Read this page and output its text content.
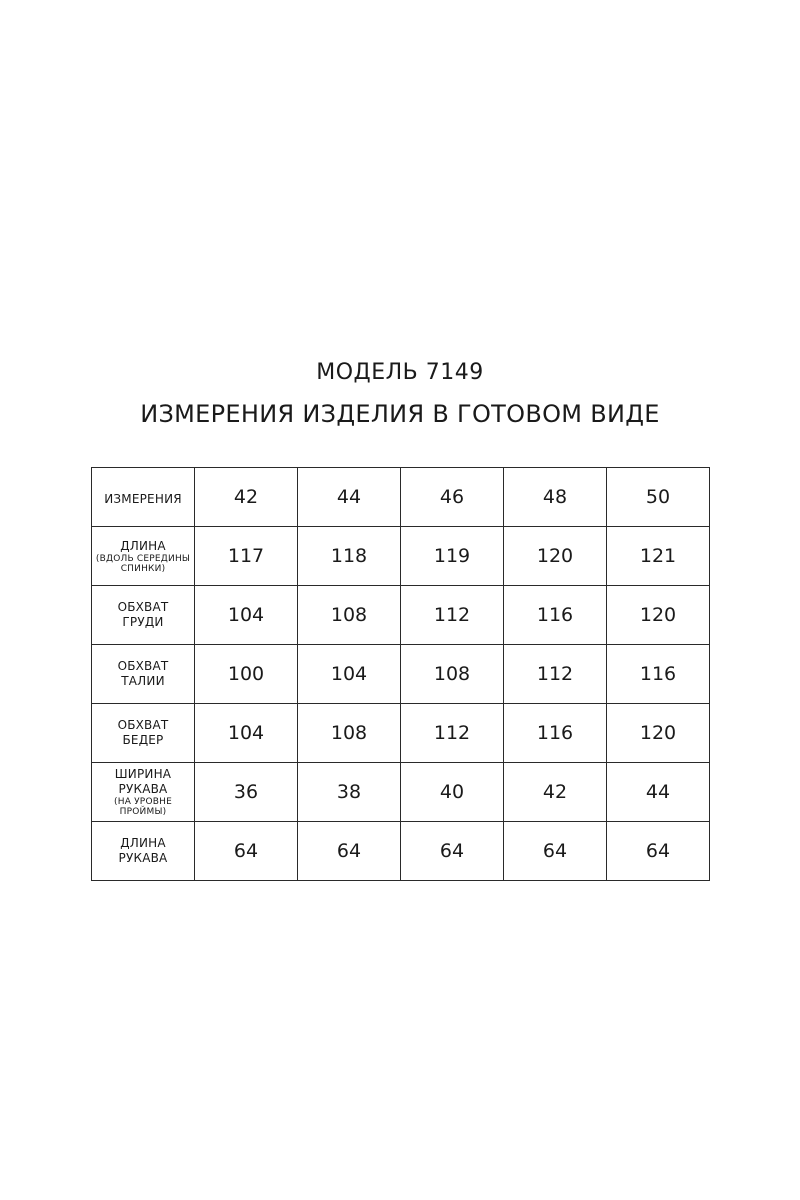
МОДЕЛЬ 7149
ИЗМЕРЕНИЯ ИЗДЕЛИЯ В ГОТОВОМ ВИДЕ
ИЗМЕРЕНИЯ	42	44	46	48	50

ДЛИНА
(ВДОЛЬ СЕРЕДИНЫ
СПИНКИ)	117	118	119	120	121

ОБХВАТ
ГРУДИ	104	108	112	116	120

ОБХВАТ
ТАЛИИ	100	104	108	112	116

ОБХВАТ
БЕДЕР	104	108	112	116	120

ШИРИНА
РУКАВА
(НА УРОВНЕ
ПРОЙМЫ)	36	38	40	42	44

ДЛИНА
РУКАВА	64	64	64	64	64
